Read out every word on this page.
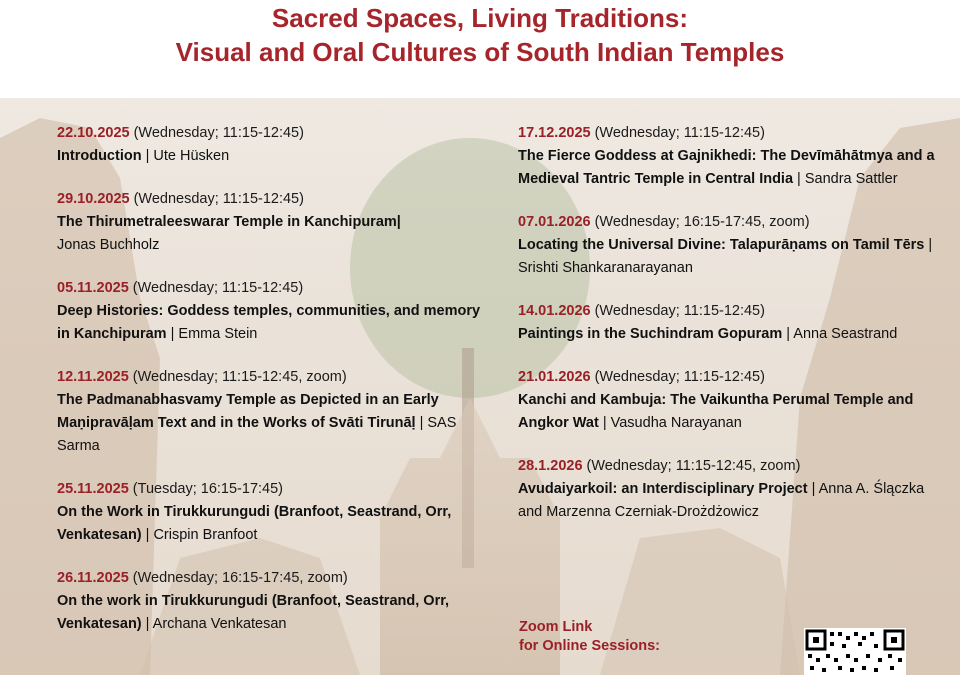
Sacred Spaces, Living Traditions:
Visual and Oral Cultures of South Indian Temples
22.10.2025 (Wednesday; 11:15-12:45)
Introduction | Ute Hüsken
29.10.2025 (Wednesday; 11:15-12:45)
The Thirumetraleeswarar Temple in Kanchipuram|
Jonas Buchholz
05.11.2025 (Wednesday; 11:15-12:45)
Deep Histories: Goddess temples, communities, and memory in Kanchipuram | Emma Stein
12.11.2025 (Wednesday; 11:15-12:45, zoom)
The Padmanabhasvamy Temple as Depicted in an Early Maṇipravāḷam Text and in the Works of Svāti Tirunāḷ | SAS Sarma
25.11.2025 (Tuesday; 16:15-17:45)
On the Work in Tirukkurungudi (Branfoot, Seastrand, Orr, Venkatesan) | Crispin Branfoot
26.11.2025 (Wednesday; 16:15-17:45, zoom)
On the work in Tirukkurungudi (Branfoot, Seastrand, Orr, Venkatesan) | Archana Venkatesan
17.12.2025 (Wednesday; 11:15-12:45)
The Fierce Goddess at Gajnikhedi: The Devīmāhātmya and a Medieval Tantric Temple in Central India | Sandra Sattler
07.01.2026 (Wednesday; 16:15-17:45, zoom)
Locating the Universal Divine: Talapurāṇams on Tamil Tērs | Srishti Shankaranarayanan
14.01.2026 (Wednesday; 11:15-12:45)
Paintings in the Suchindram Gopuram | Anna Seastrand
21.01.2026 (Wednesday; 11:15-12:45)
Kanchi and Kambuja: The Vaikuntha Perumal Temple and Angkor Wat | Vasudha Narayanan
28.1.2026 (Wednesday; 11:15-12:45, zoom)
Avudaiyarkoil: an Interdisciplinary Project | Anna A. Ślączka and Marzenna Czerniak-Drożdżowicz
Zoom Link
for Online Sessions:
